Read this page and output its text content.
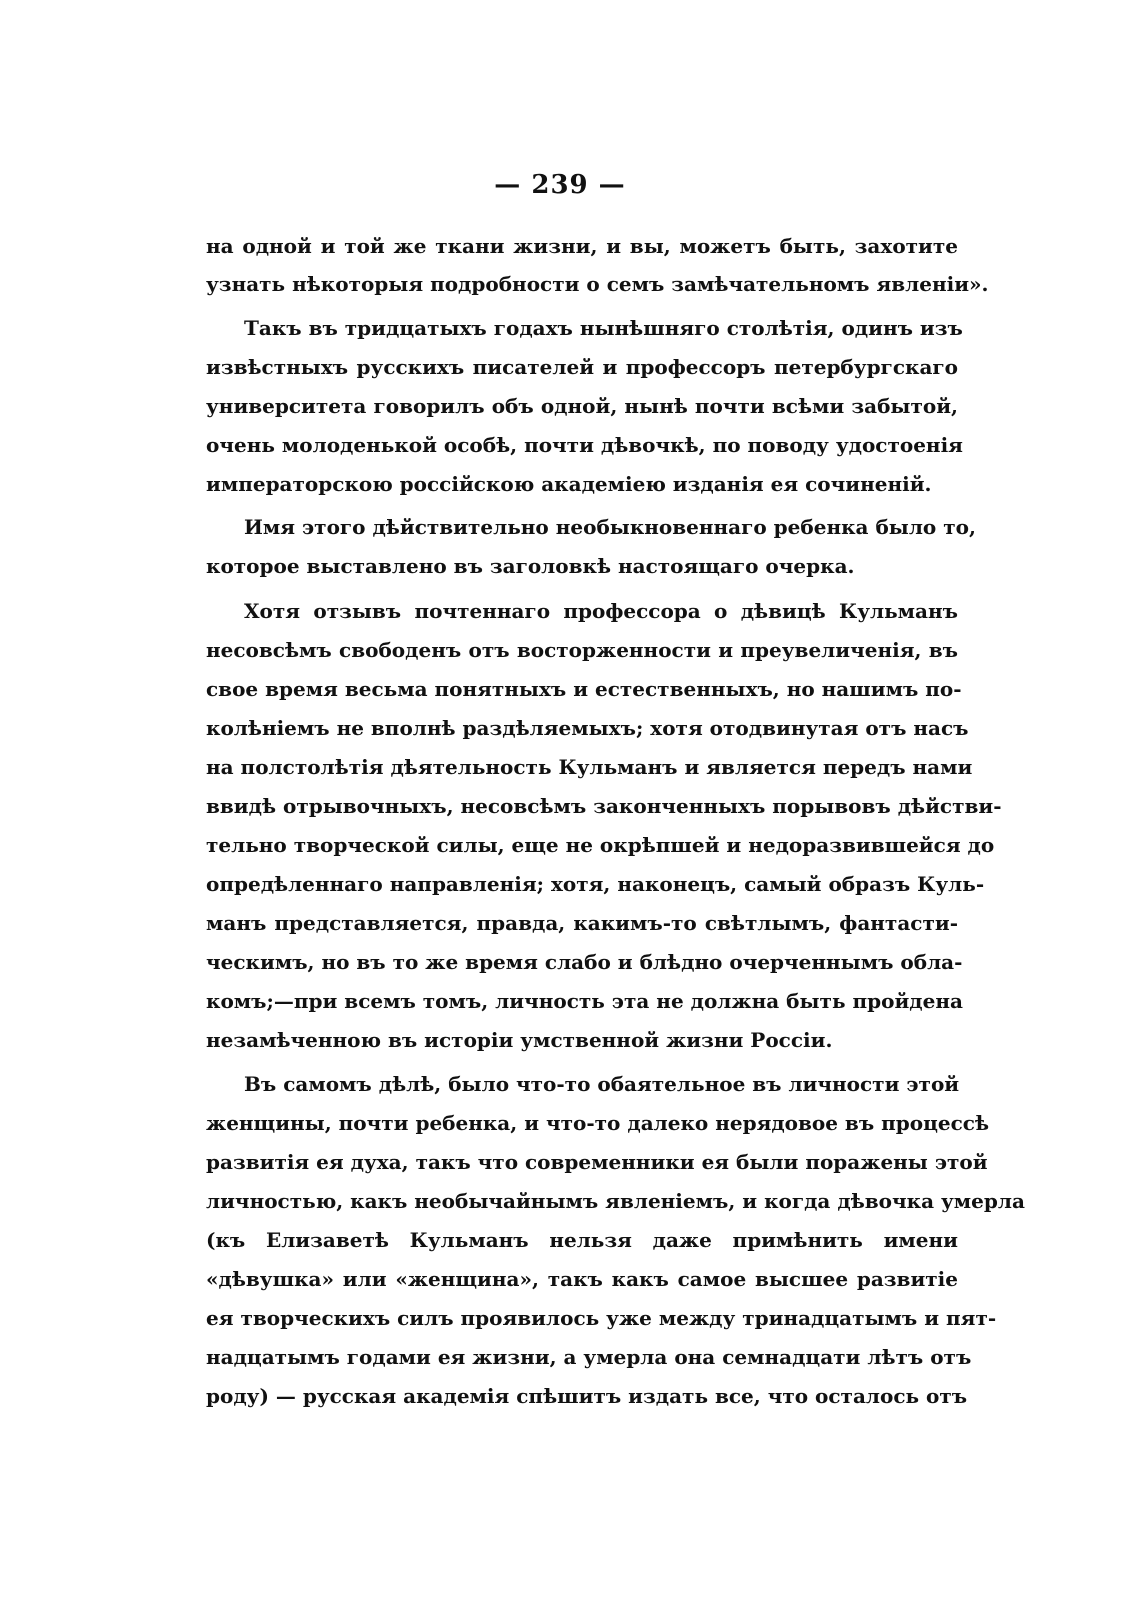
— 239 —
на одной и той же ткани жизни, и вы, можетъ быть, захотите
узнать нѣкоторыя подробности о семъ замѣчательномъ явленіи».
Такъ въ тридцатыхъ годахъ нынѣшняго столѣтія, одинъ изъ
извѣстныхъ русскихъ писателей и профессоръ петербургскаго
университета говорилъ объ одной, нынѣ почти всѣми забытой,
очень молоденькой особѣ, почти дѣвочкѣ, по поводу удостоенія
императорскою россійскою академіею изданія ея сочиненій.
Имя этого дѣйствительно необыкновеннаго ребенка было то,
которое выставлено въ заголовкѣ настоящаго очерка.
Хотя отзывъ почтеннаго профессора о дѣвицѣ Кульманъ
несовсѣмъ свободенъ отъ восторженности и преувеличенія, въ
свое время весьма понятныхъ и естественныхъ, но нашимъ по-
колѣніемъ не вполнѣ раздѣляемыхъ; хотя отодвинутая отъ насъ
на полстолѣтія дѣятельность Кульманъ и является передъ нами
ввидѣ отрывочныхъ, несовсѣмъ законченныхъ порывовъ дѣйстви-
тельно творческой силы, еще не окрѣпшей и недоразвившейся до
опредѣленнаго направленія; хотя, наконецъ, самый образъ Куль-
манъ представляется, правда, какимъ-то свѣтлымъ, фантасти-
ческимъ, но въ то же время слабо и блѣдно очерченнымъ обла-
комъ;—при всемъ томъ, личность эта не должна быть пройдена
незамѣченною въ исторіи умственной жизни Россіи.
Въ самомъ дѣлѣ, было что-то обаятельное въ личности этой
женщины, почти ребенка, и что-то далеко нерядовое въ процессѣ
развитія ея духа, такъ что современники ея были поражены этой
личностью, какъ необычайнымъ явленіемъ, и когда дѣвочка умерла
(къ Елизаветѣ Кульманъ нельзя даже примѣнить имени
«дѣвушка» или «женщина», такъ какъ самое высшее развитіе
ея творческихъ силъ проявилось уже между тринадцатымъ и пят-
надцатымъ годами ея жизни, а умерла она семнадцати лѣтъ отъ
роду) — русская академія спѣшитъ издать все, что осталось отъ
